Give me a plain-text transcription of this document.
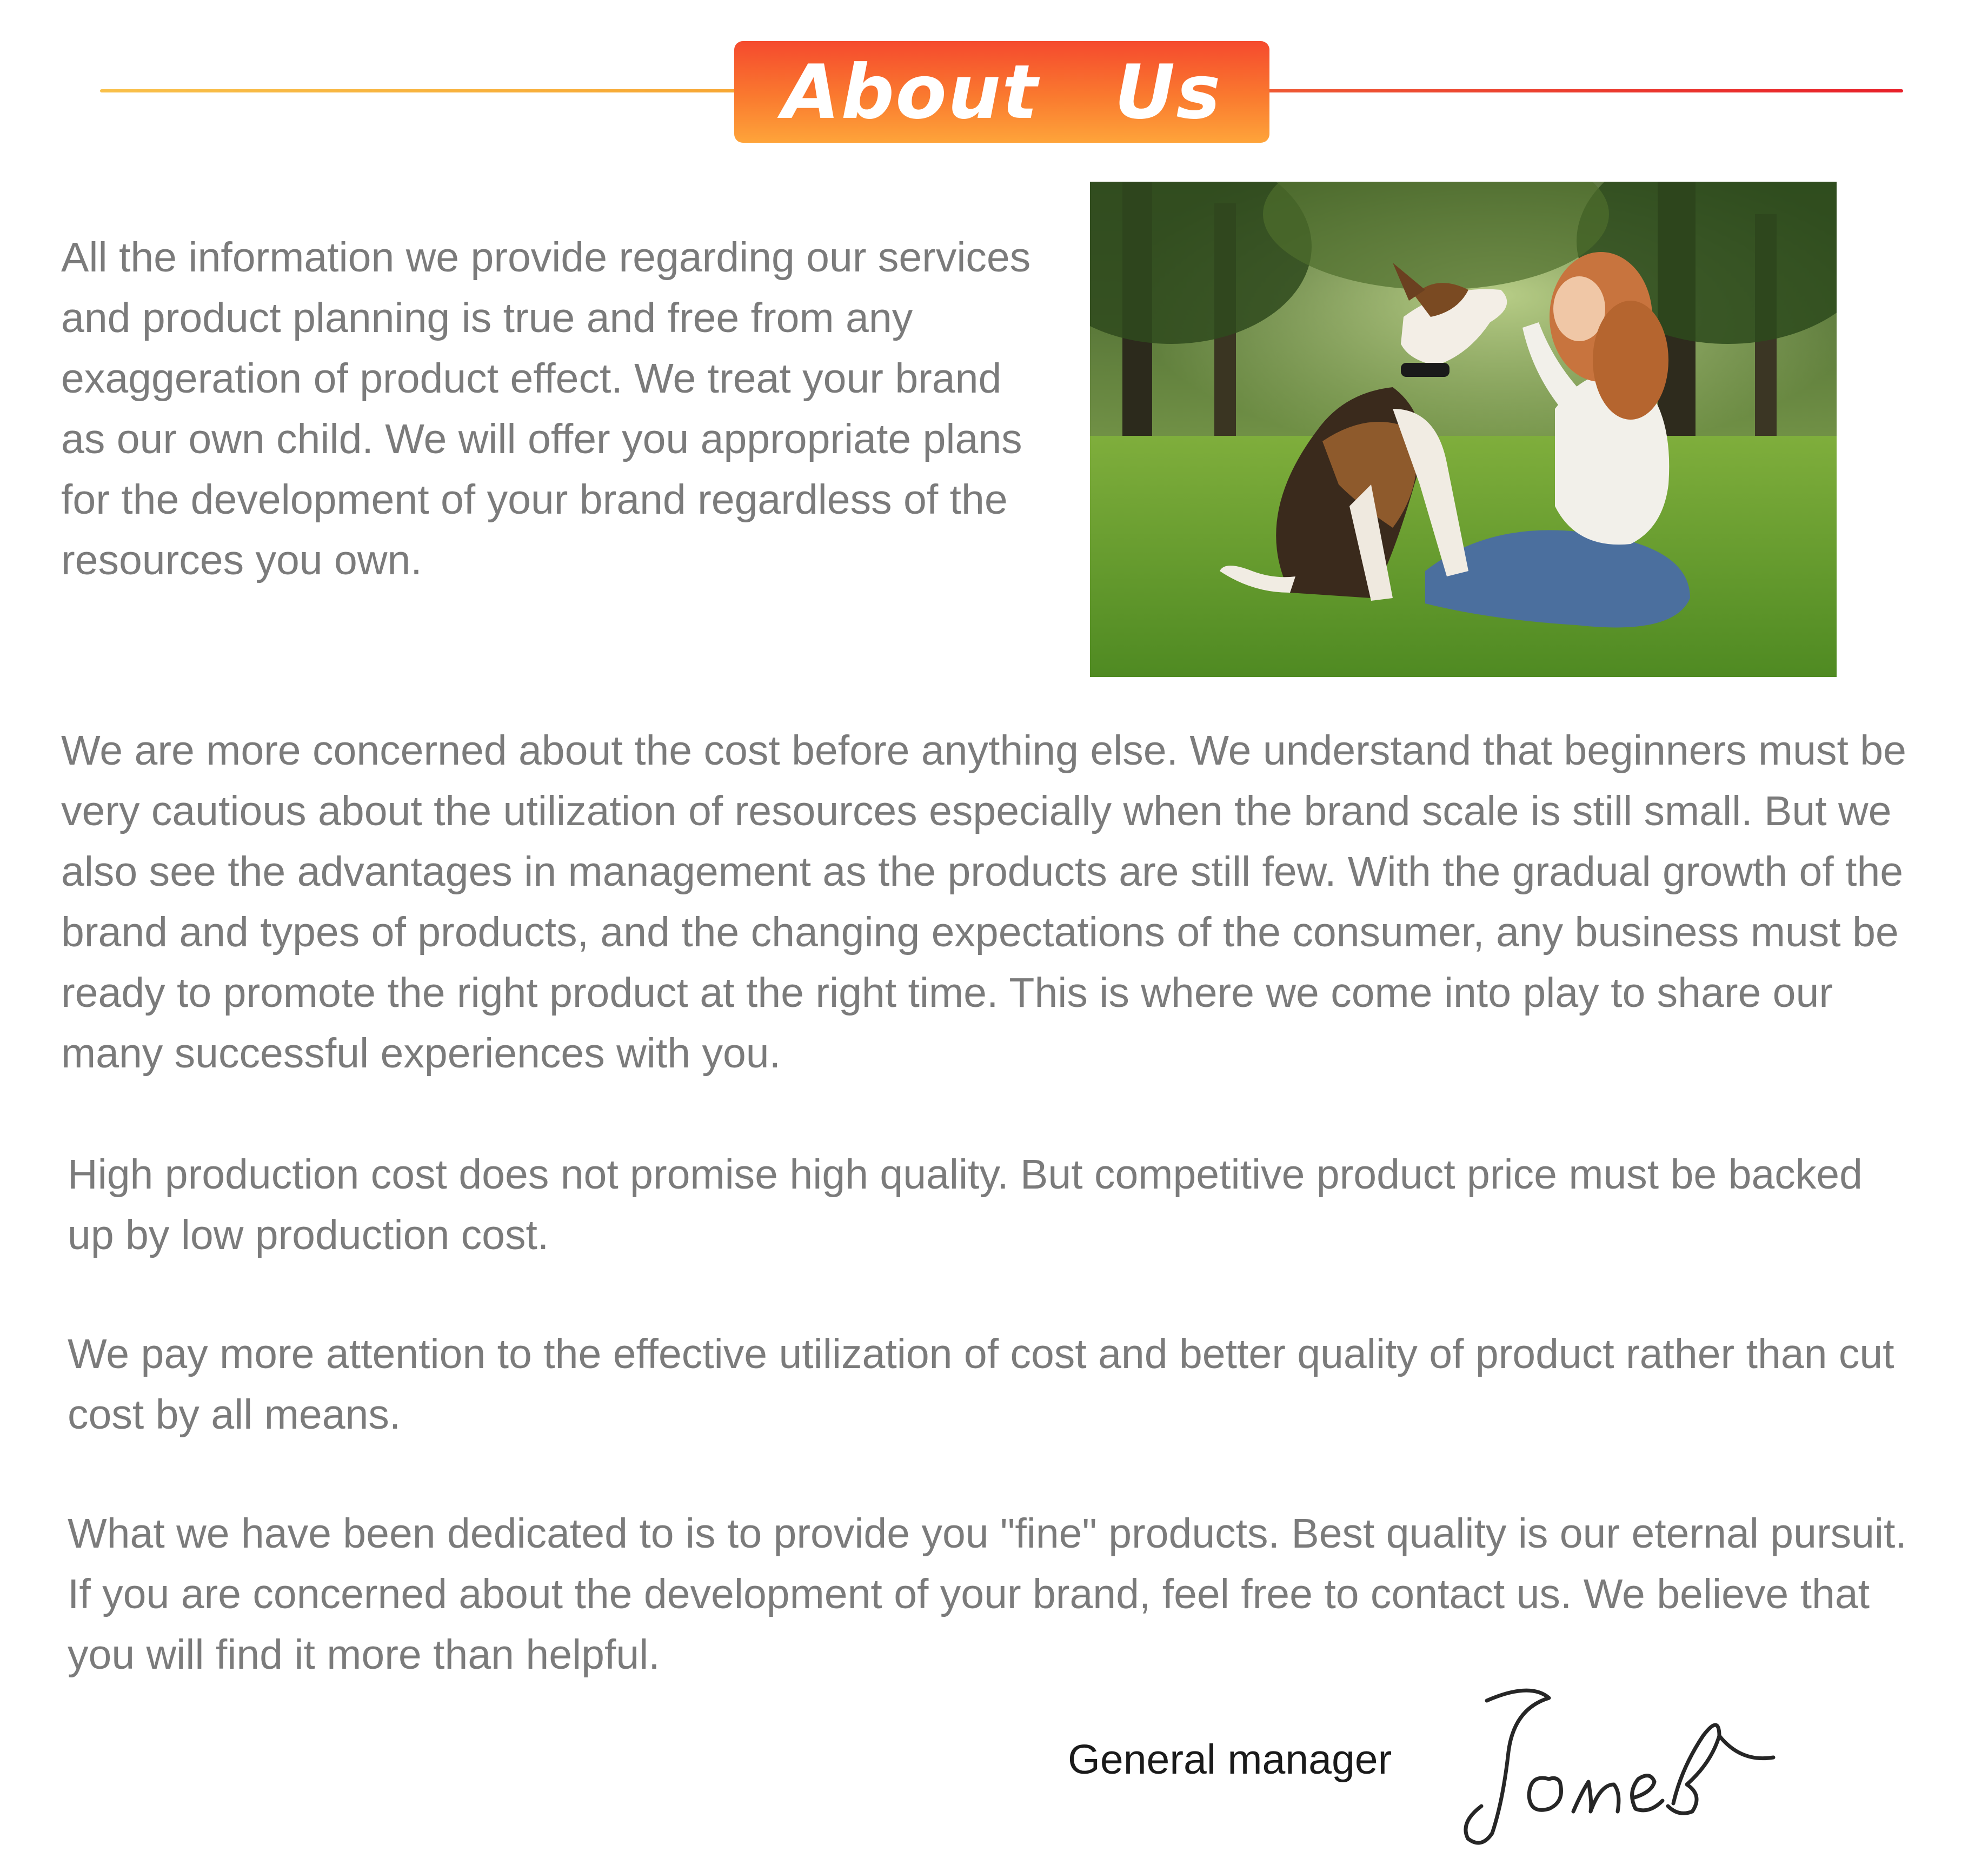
About Us

All the information we provide regarding our services and product planning is true and free from any exaggeration of product effect. We treat your brand as our own child. We will offer you appropriate plans for the development of your brand regardless of the resources you own.

We are more concerned about the cost before anything else. We understand that beginners must be very cautious about the utilization of resources especially when the brand scale is still small. But we also see the advantages in management as the products are still few. With the gradual growth of the brand and types of products, and the changing expectations of the consumer, any business must be ready to promote the right product at the right time. This is where we come into play to share our many successful experiences with you.

High production cost does not promise high quality. But competitive product price must be backed up by low production cost.

We pay more attention to the effective utilization of cost and better quality of product rather than cut cost by all means.

What we have been dedicated to is to provide you "fine" products. Best quality is our eternal pursuit. If you are concerned about the development of your brand, feel free to contact us. We believe that you will find it more than helpful.

General manager
